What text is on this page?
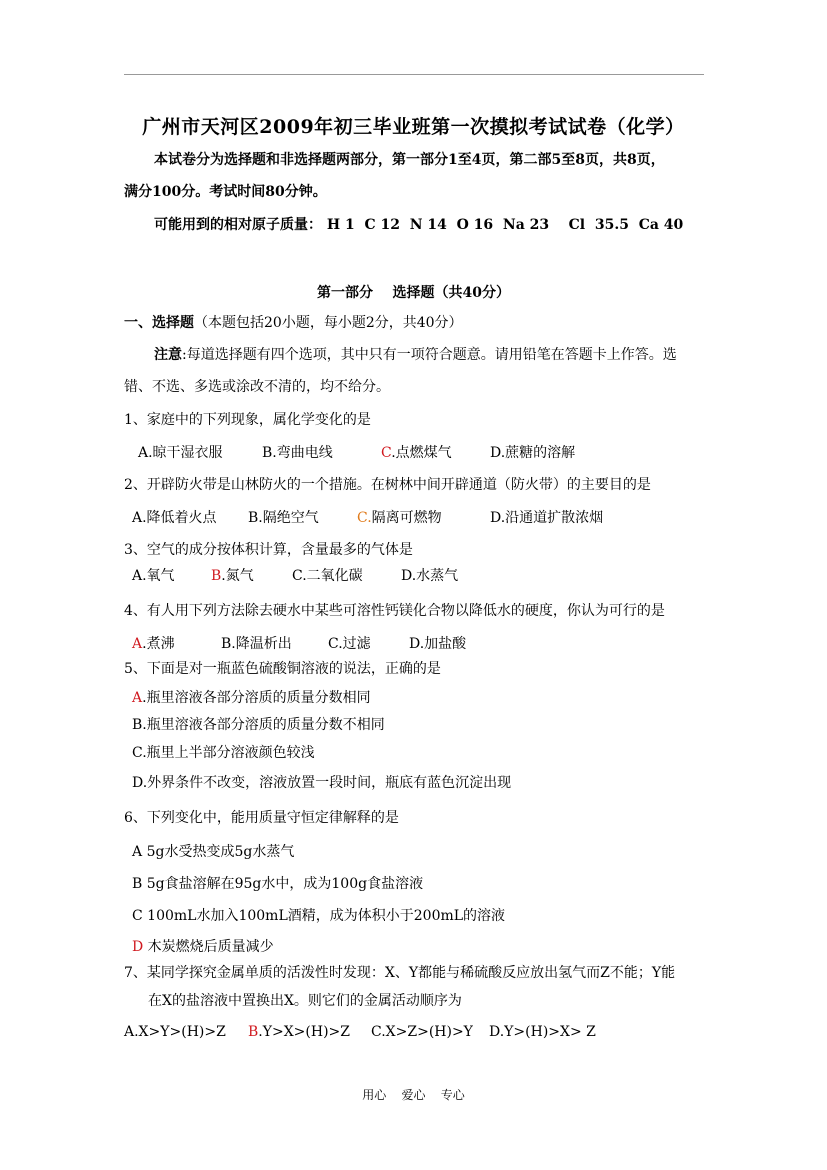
广州市天河区2009年初三毕业班第一次摸拟考试试卷（化学）
本试卷分为选择题和非选择题两部分，第一部分1至4页，第二部5至8页，共8页，
满分100分。考试时间80分钟。
可能用到的相对原子质量： H 1  C 12  N 14  O 16  Na 23    Cl  35.5  Ca 40
第一部分    选择题（共40分）
一、选择题（本题包括20小题，每小题2分，共40分）
注意:每道选择题有四个选项，其中只有一项符合题意。请用铅笔在答题卡上作答。选
错、不选、多选或涂改不清的，均不给分。
1、家庭中的下列现象，属化学变化的是
A.晾干湿衣服	B.弯曲电线	C.点燃煤气	D.蔗糖的溶解
2、开辟防火带是山林防火的一个措施。在树林中间开辟通道（防火带）的主要目的是
A.降低着火点 B.隔绝空气	C.隔离可燃物	D.沿通道扩散浓烟
3、空气的成分按体积计算，含量最多的气体是
A.氧气	B.氮气	C.二氧化碳	D.水蒸气
4、有人用下列方法除去硬水中某些可溶性钙镁化合物以降低水的硬度，你认为可行的是
A.煮沸	B.降温析出	C.过滤	D.加盐酸
5、下面是对一瓶蓝色硫酸铜溶液的说法，正确的是
A.瓶里溶液各部分溶质的质量分数相同
B.瓶里溶液各部分溶质的质量分数不相同
C.瓶里上半部分溶液颜色较浅
D.外界条件不改变，溶液放置一段时间，瓶底有蓝色沉淀出现
6、下列变化中，能用质量守恒定律解释的是
A 5g水受热变成5g水蒸气
B 5g食盐溶解在95g水中，成为100g食盐溶液
C 100mL水加入100mL酒精，成为体积小于200mL的溶液
D 木炭燃烧后质量减少
7、某同学探究金属单质的活泼性时发现：X、Y都能与稀硫酸反应放出氢气而Z不能；Y能
在X的盐溶液中置换出X。则它们的金属活动顺序为
A.X>Y>(H)>Z B.Y>X>(H)>Z C.X>Z>(H)>Y D.Y>(H)>X> Z
用心    爱心    专心
